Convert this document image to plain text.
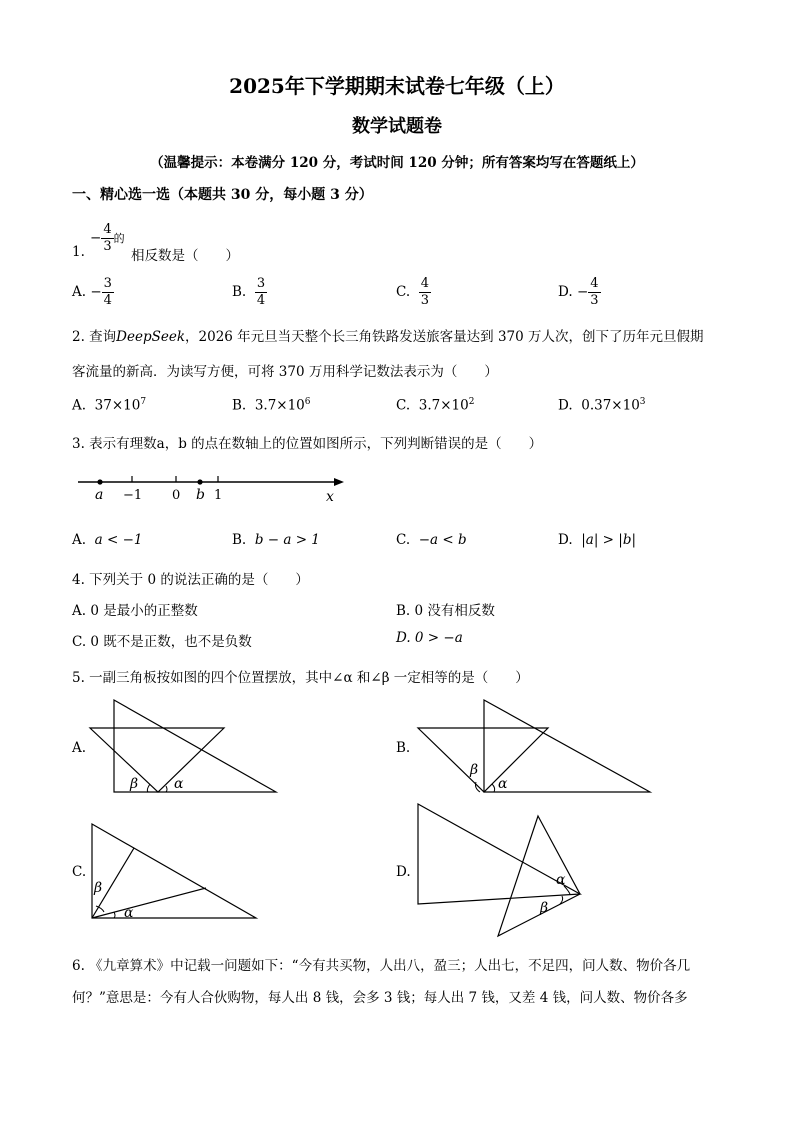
2025年下学期期末试卷七年级（上）
数学试题卷
（温馨提示：本卷满分 120 分，考试时间 120 分钟；所有答案均写在答题纸上）
一、精心选一选（本题共 30 分，每小题 3 分）
1.
− $\frac{4}{3}$ 的
相反数是（　　）
A. − $\frac{3}{4}$	B. $\frac{3}{4}$	C. $\frac{4}{3}$	D. − $\frac{4}{3}$
2. 查询DeepSeek，2026 年元旦当天整个长三角铁路发送旅客量达到 370 万人次，创下了历年元旦假期
客流量的新高．为读写方便，可将 370 万用科学记数法表示为（　　）
A. $37\times 10^7$	B. $3.7\times 10^6$	C. $3.7\times 10^2$	D. $0.37\times 10^3$
3. 表示有理数a，b 的点在数轴上的位置如图所示，下列判断错误的是（　　）
a −1 0 b 1	x
A. a < −1	B. b − a > 1	C. −a < b	D. |a| > |b|
4. 下列关于 0 的说法正确的是（　　）
A. 0 是最小的正整数	B. 0 没有相反数
C. 0 既不是正数，也不是负数	D. 0 > −a
5. 一副三角板按如图的四个位置摆放，其中∠α 和∠β 一定相等的是（　　）
A.
β	α
B.
β
α
C.
β
α
D.	α
β
6. 《九章算术》中记载一问题如下：“今有共买物，人出八，盈三；人出七，不足四，问人数、物价各几
何？”意思是：今有人合伙购物，每人出 8 钱，会多 3 钱；每人出 7 钱，又差 4 钱，问人数、物价各多
